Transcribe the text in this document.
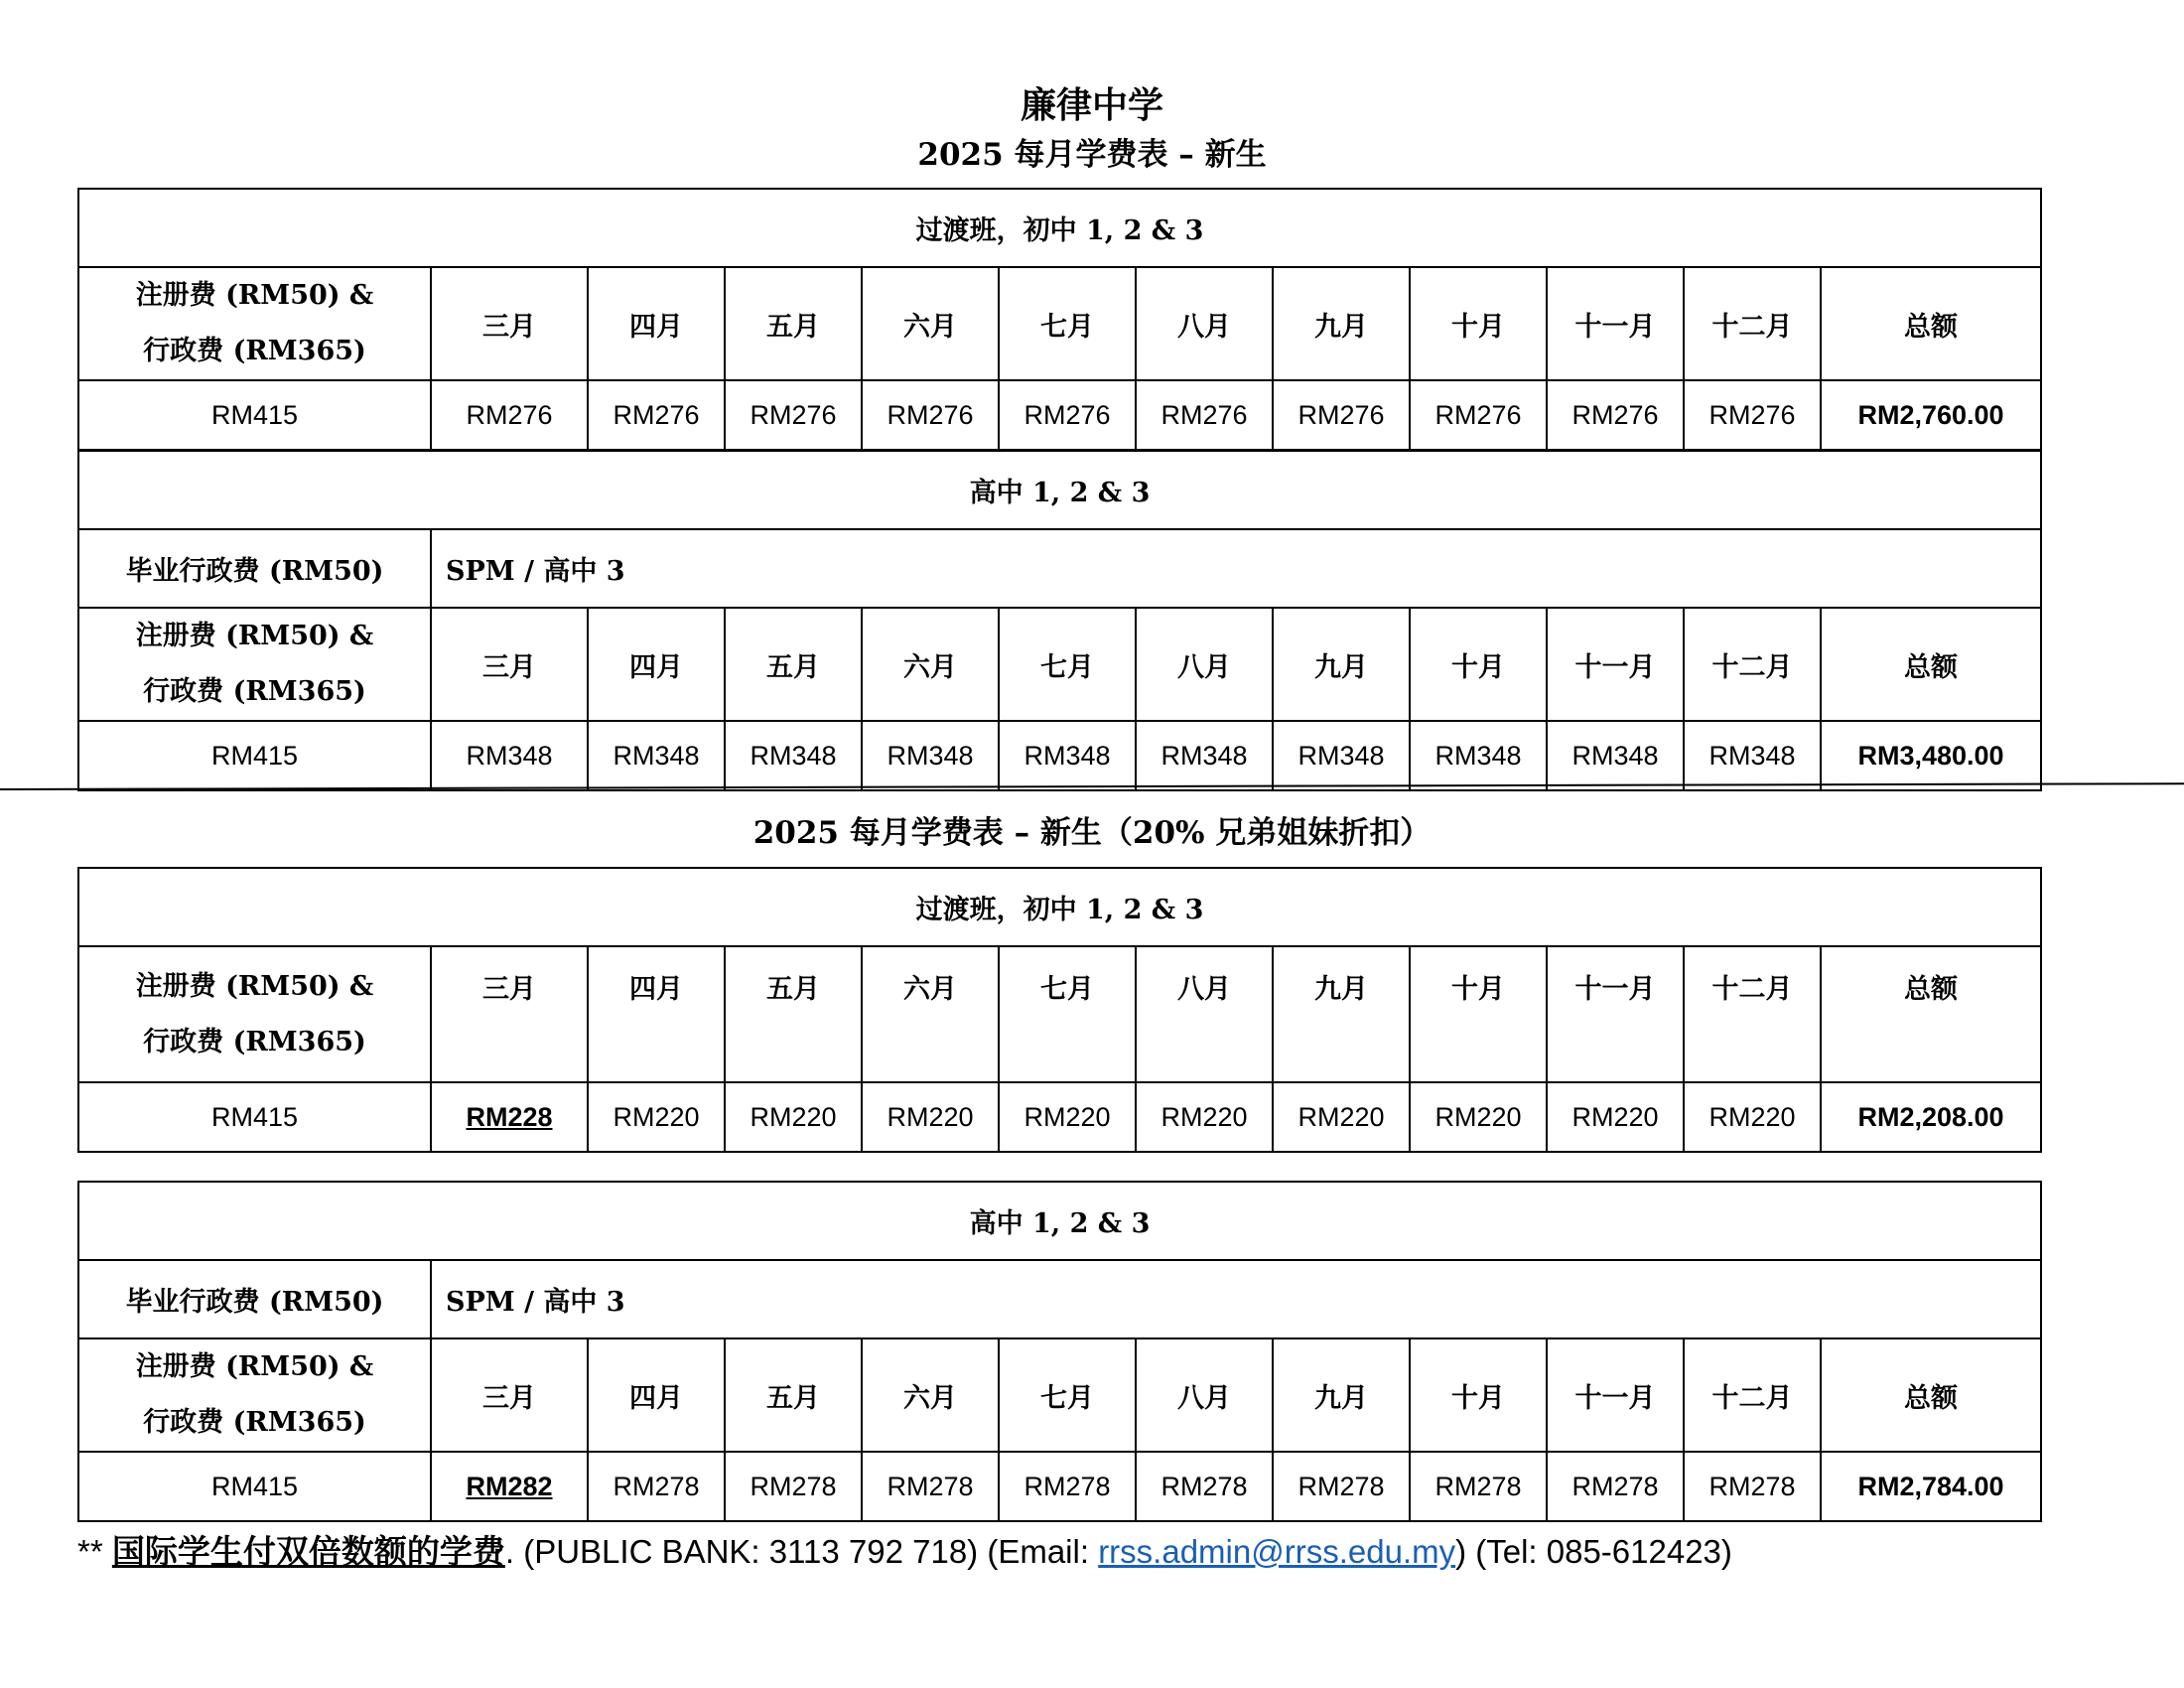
廉律中学
2025 每月学费表 – 新生
过渡班，初中 1, 2 & 3											
注册费 (RM50) &
行政费 (RM365)	三月	四月	五月	六月	七月	八月	九月	十月	十一月	十二月	总额
RM415	RM276	RM276	RM276	RM276	RM276	RM276	RM276	RM276	RM276	RM276	RM2,760.00
高中 1, 2 & 3											
毕业行政费 (RM50)	SPM / 高中 3										
注册费 (RM50) &
行政费 (RM365)	三月	四月	五月	六月	七月	八月	九月	十月	十一月	十二月	总额
RM415	RM348	RM348	RM348	RM348	RM348	RM348	RM348	RM348	RM348	RM348	RM3,480.00
2025 每月学费表 – 新生（20% 兄弟姐妹折扣）
过渡班，初中 1, 2 & 3											
注册费 (RM50) &
行政费 (RM365)	三月	四月	五月	六月	七月	八月	九月	十月	十一月	十二月	总额
RM415	RM228	RM220	RM220	RM220	RM220	RM220	RM220	RM220	RM220	RM220	RM2,208.00
高中 1, 2 & 3											
毕业行政费 (RM50)	SPM / 高中 3										
注册费 (RM50) &
行政费 (RM365)	三月	四月	五月	六月	七月	八月	九月	十月	十一月	十二月	总额
RM415	RM282	RM278	RM278	RM278	RM278	RM278	RM278	RM278	RM278	RM278	RM2,784.00
** 国际学生付双倍数额的学费. (PUBLIC BANK: 3113 792 718) (Email: rrss.admin@rrss.edu.my) (Tel: 085-612423)
